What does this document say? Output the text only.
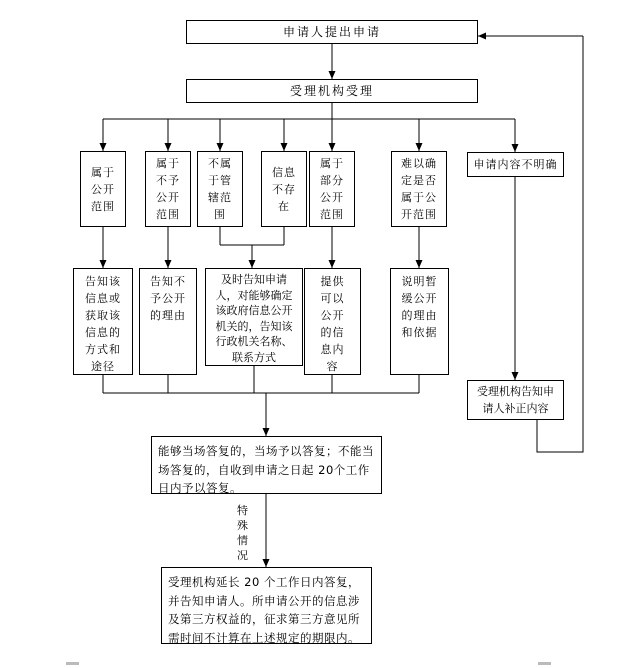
申请人提出申请
受理机构受理
属于公开范围
属于不予公开范围
不属于管辖范围
信息不存在
属于部分公开范围
难以确定是否属于公开范围
申请内容不明确
告知该信息或获取该信息的方式和途径
告知不予公开的理由
及时告知申请人，对能够确定该政府信息公开机关的，告知该行政机关名称、联系方式
提供可以公开的信息内容
说明暂缓公开的理由和依据
受理机构告知申请人补正内容
能够当场答复的，当场予以答复；不能当场答复的，自收到申请之日起 20个工作日内予以答复。
特殊情况
受理机构延长 20 个工作日内答复，并告知申请人。所申请公开的信息涉及第三方权益的，征求第三方意见所需时间不计算在上述规定的期限内。
